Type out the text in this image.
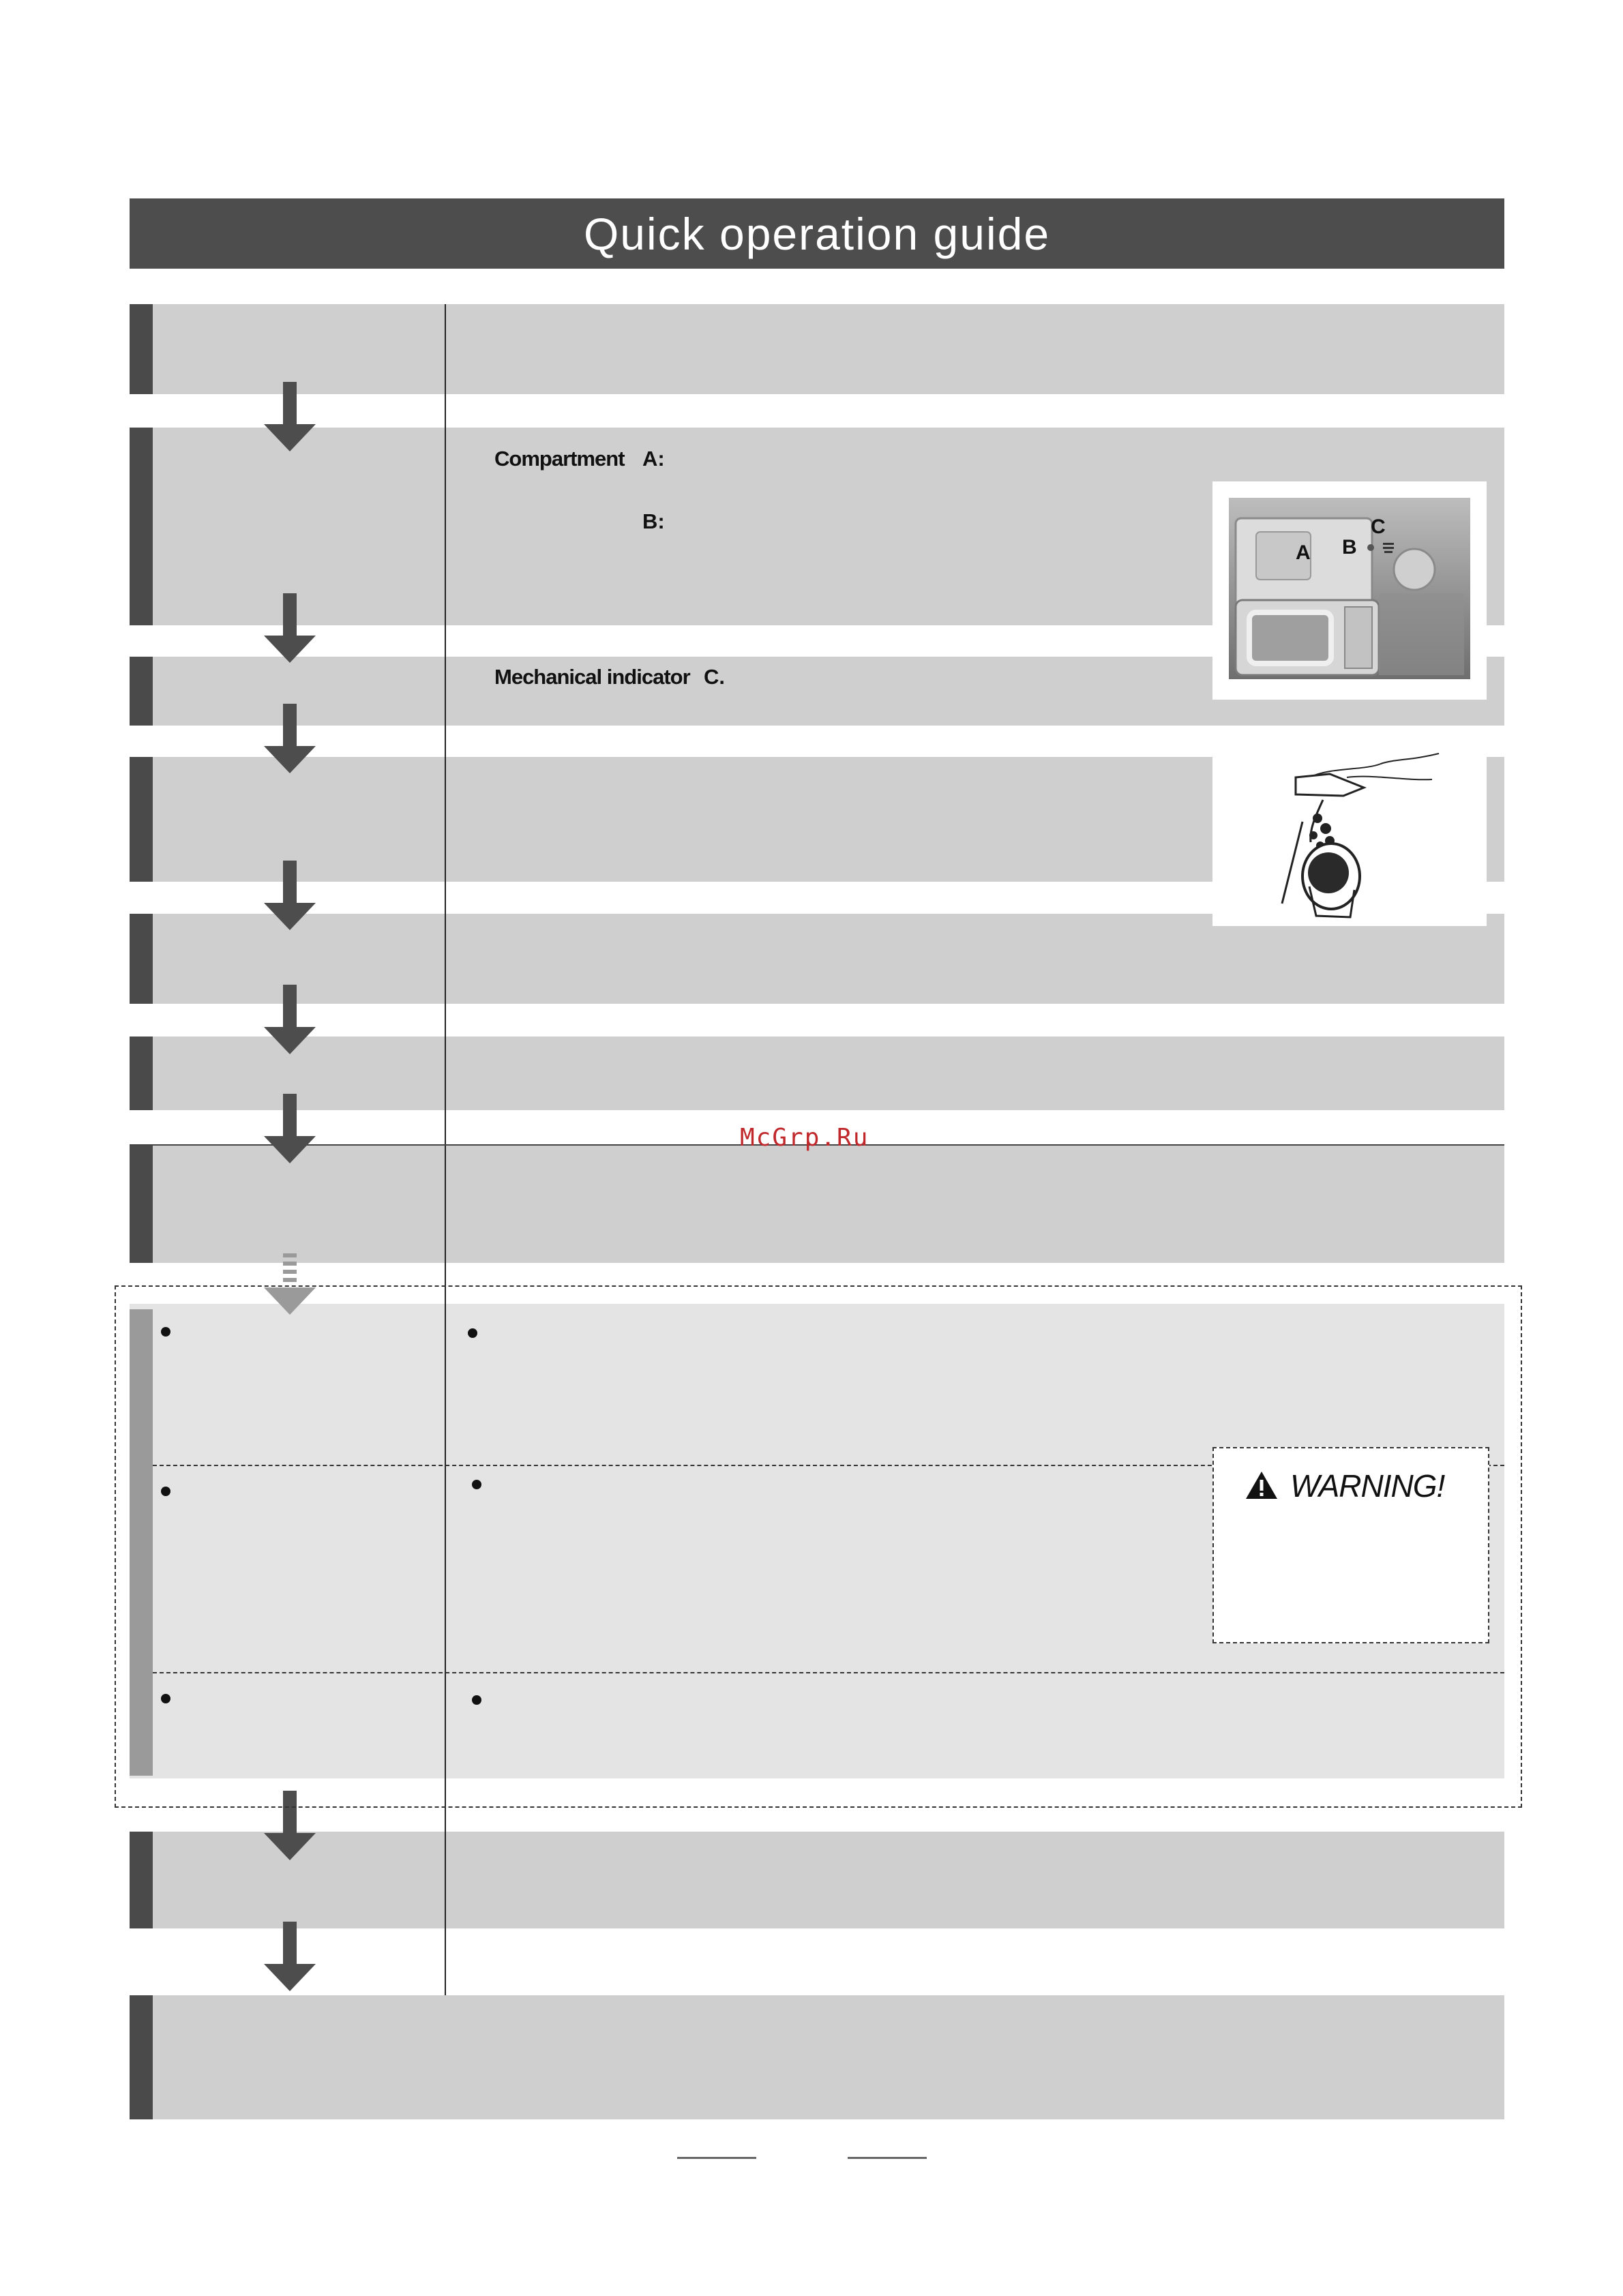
Quick operation guide
Compartment A:
B:
Mechanical indicator C.
A B
C
WARNING!
McGrp.Ru
